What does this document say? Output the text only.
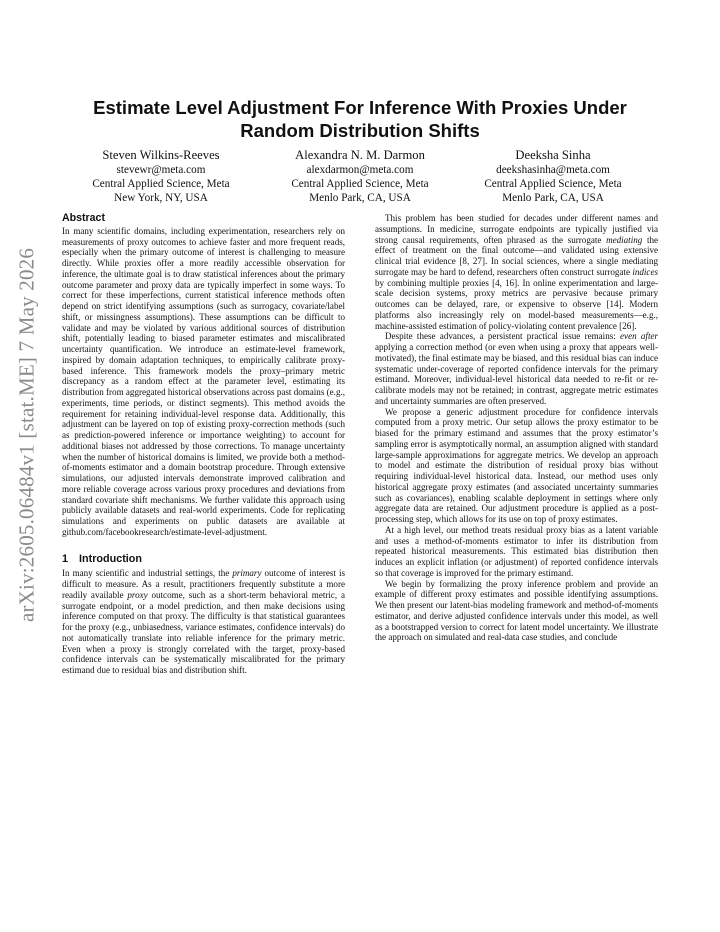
arXiv:2605.06484v1 [stat.ME] 7 May 2026
Estimate Level Adjustment For Inference With Proxies Under Random Distribution Shifts
Steven Wilkins-Reeves
stevewr@meta.com
Central Applied Science, Meta
New York, NY, USA
Alexandra N. M. Darmon
alexdarmon@meta.com
Central Applied Science, Meta
Menlo Park, CA, USA
Deeksha Sinha
deekshasinha@meta.com
Central Applied Science, Meta
Menlo Park, CA, USA
Abstract

In many scientific domains, including experimentation, researchers rely on measurements of proxy outcomes to achieve faster and more frequent reads, especially when the primary outcome of interest is challenging to measure directly. While proxies offer a more readily accessible observation for inference, the ultimate goal is to draw statistical inferences about the primary outcome parameter and proxy data are typically imperfect in some ways. To correct for these imperfections, current statistical inference methods often depend on strict identifying assumptions (such as surrogacy, covariate/label shift, or missingness assumptions). These assumptions can be difficult to validate and may be violated by various additional sources of distribution shift, potentially leading to biased parameter estimates and miscalibrated uncertainty quantification. We introduce an estimate-level framework, inspired by domain adaptation techniques, to empirically calibrate proxy-based inference. This framework models the proxy–primary metric discrepancy as a random effect at the parameter level, estimating its distribution from aggregated historical observations across past domains (e.g., experiments, time periods, or distinct segments). This method avoids the requirement for retaining individual-level response data. Additionally, this adjustment can be layered on top of existing proxy-correction methods (such as prediction-powered inference or importance weighting) to account for additional biases not addressed by those corrections. To manage uncertainty when the number of historical domains is limited, we provide both a method-of-moments estimator and a domain bootstrap procedure. Through extensive simulations, our adjusted intervals demonstrate improved calibration and more reliable coverage across various proxy procedures and deviations from standard covariate shift mechanisms. We further validate this approach using publicly available datasets and real-world experiments. Code for replicating simulations and experiments on public datasets are available at github.com/facebookresearch/estimate-level-adjustment.

1 Introduction

In many scientific and industrial settings, the primary outcome of interest is difficult to measure. As a result, practitioners frequently substitute a more readily available proxy outcome, such as a short-term behavioral metric, a surrogate endpoint, or a model prediction, and then make decisions using inference computed on that proxy. The difficulty is that statistical guarantees for the proxy (e.g., unbiasedness, variance estimates, confidence intervals) do not automatically translate into reliable inference for the primary metric. Even when a proxy is strongly correlated with the target, proxy-based confidence intervals can be systematically miscalibrated for the primary estimand due to residual bias and distribution shift.

This problem has been studied for decades under different names and assumptions. In medicine, surrogate endpoints are typically justified via strong causal requirements, often phrased as the surrogate mediating the effect of treatment on the final outcome—and validated using extensive clinical trial evidence [8, 27]. In social sciences, where a single mediating surrogate may be hard to defend, researchers often construct surrogate indices by combining multiple proxies [4, 16]. In online experimentation and large-scale decision systems, proxy metrics are pervasive because primary outcomes can be delayed, rare, or expensive to observe [14]. Modern platforms also increasingly rely on model-based measurements—e.g., machine-assisted estimation of policy-violating content prevalence [26].

Despite these advances, a persistent practical issue remains: even after applying a correction method (or even when using a proxy that appears well-motivated), the final estimate may be biased, and this residual bias can induce systematic under-coverage of reported confidence intervals for the primary estimand. Moreover, individual-level historical data needed to re-fit or re-calibrate models may not be retained; in contrast, aggregate metric estimates and uncertainty summaries are often preserved.

We propose a generic adjustment procedure for confidence intervals computed from a proxy metric. Our setup allows the proxy estimator to be biased for the primary estimand and assumes that the proxy estimator’s sampling error is asymptotically normal, an assumption aligned with standard large-sample approximations for aggregate metrics. We develop an approach to model and estimate the distribution of residual proxy bias without requiring individual-level historical data. Instead, our method uses only historical aggregate proxy estimates (and associated uncertainty summaries such as covariances), enabling scalable deployment in settings where only aggregate data are retained. Our adjustment procedure is applied as a post-processing step, which allows for its use on top of proxy estimates.

At a high level, our method treats residual proxy bias as a latent variable and uses a method-of-moments estimator to infer its distribution from repeated historical measurements. This estimated bias distribution then induces an explicit inflation (or adjustment) of reported confidence intervals so that coverage is improved for the primary estimand.

We begin by formalizing the proxy inference problem and provide an example of different proxy estimates and possible identifying assumptions. We then present our latent-bias modeling framework and method-of-moments estimator, and derive adjusted confidence intervals under this model, as well as a bootstrapped version to correct for latent model uncertainty. We illustrate the approach on simulated and real-data case studies, and conclude
